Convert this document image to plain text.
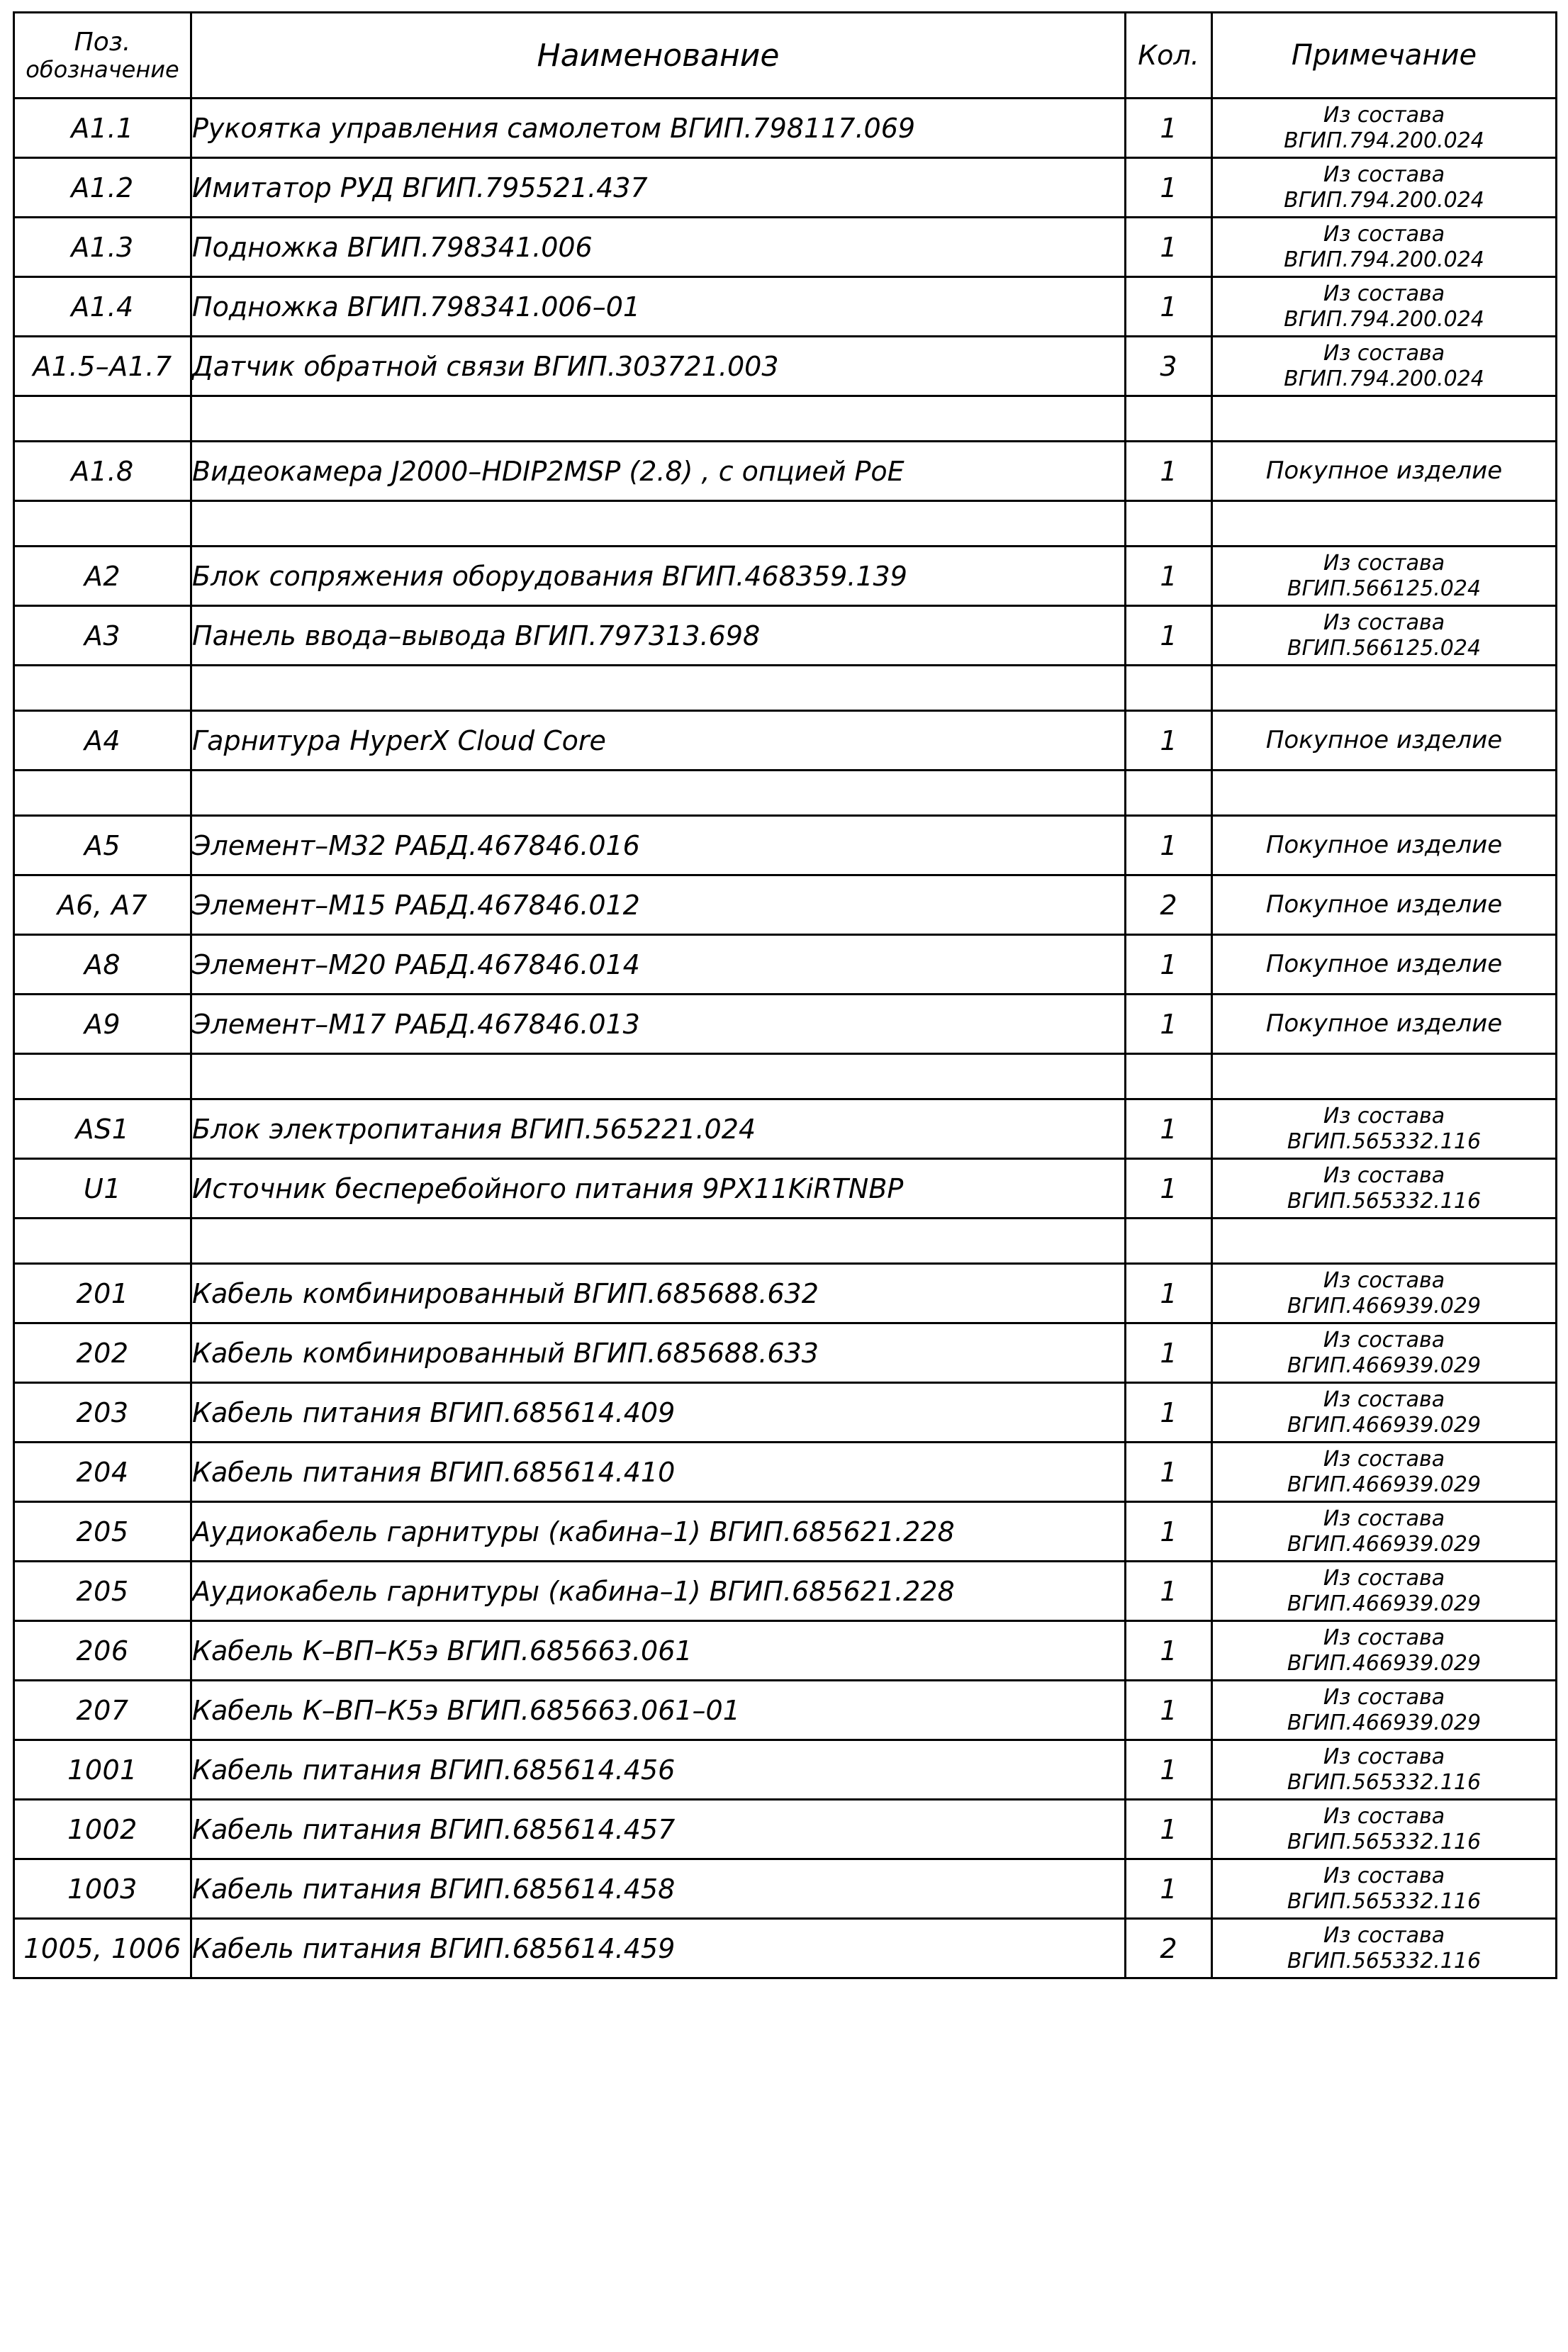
Поз.
обозначение	Наименование	Кол.	Примечание
A1.1	Рукоятка управления самолетом ВГИП.798117.069	1	Из состава
ВГИП.794.200.024

A1.2	Имитатор РУД ВГИП.795521.437	1	Из состава
ВГИП.794.200.024

A1.3	Подножка ВГИП.798341.006	1	Из состава
ВГИП.794.200.024

A1.4	Подножка ВГИП.798341.006–01	1	Из состава
ВГИП.794.200.024

A1.5–A1.7	Датчик обратной связи ВГИП.303721.003	3	Из состава
ВГИП.794.200.024

A1.8	Видеокамера J2000–HDIP2MSP (2.8) , с опцией PoE	1	Покупное изделие

A2	Блок сопряжения оборудования ВГИП.468359.139	1	Из состава
ВГИП.566125.024

A3	Панель ввода–вывода ВГИП.797313.698	1	Из состава
ВГИП.566125.024

A4	Гарнитура HyperX Cloud Core	1	Покупное изделие

A5	Элемент–М32 РАБД.467846.016	1	Покупное изделие
A6, A7	Элемент–М15 РАБД.467846.012	2	Покупное изделие
A8	Элемент–М20 РАБД.467846.014	1	Покупное изделие
A9	Элемент–М17 РАБД.467846.013	1	Покупное изделие

AS1	Блок электропитания ВГИП.565221.024	1	Из состава
ВГИП.565332.116

U1	Источник бесперебойного питания 9PX11KiRTNBP	1	Из состава
ВГИП.565332.116

201	Кабель комбинированный ВГИП.685688.632	1	Из состава
ВГИП.466939.029

202	Кабель комбинированный ВГИП.685688.633	1	Из состава
ВГИП.466939.029

203	Кабель питания ВГИП.685614.409	1	Из состава
ВГИП.466939.029

204	Кабель питания ВГИП.685614.410	1	Из состава
ВГИП.466939.029

205	Аудиокабель гарнитуры (кабина–1) ВГИП.685621.228	1	Из состава
ВГИП.466939.029

205	Аудиокабель гарнитуры (кабина–1) ВГИП.685621.228	1	Из состава
ВГИП.466939.029

206	Кабель К–ВП–К5э ВГИП.685663.061	1	Из состава
ВГИП.466939.029

207	Кабель К–ВП–К5э ВГИП.685663.061–01	1	Из состава
ВГИП.466939.029

1001	Кабель питания ВГИП.685614.456	1	Из состава
ВГИП.565332.116

1002	Кабель питания ВГИП.685614.457	1	Из состава
ВГИП.565332.116

1003	Кабель питания ВГИП.685614.458	1	Из состава
ВГИП.565332.116

1005, 1006	Кабель питания ВГИП.685614.459	2	Из состава
ВГИП.565332.116
